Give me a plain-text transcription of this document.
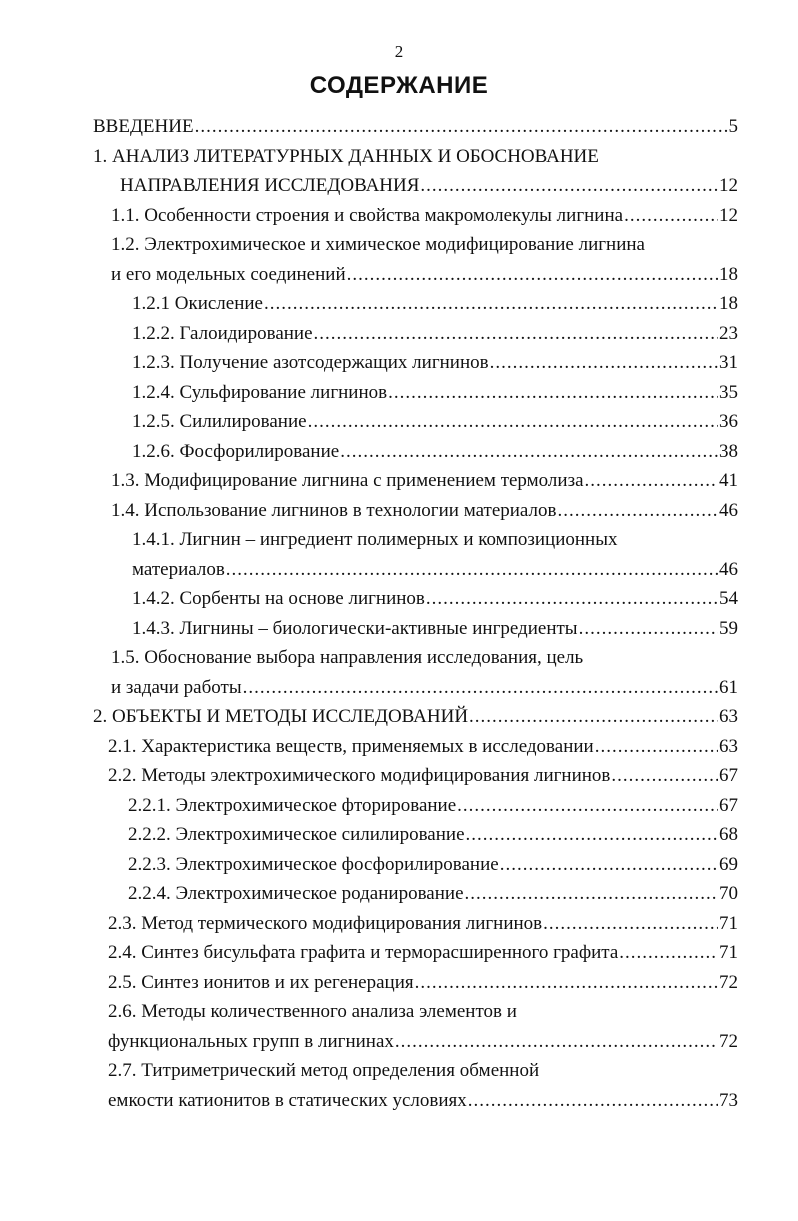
2
СОДЕРЖАНИЕ
ВВЕДЕНИЕ .....	5
1. АНАЛИЗ ЛИТЕРАТУРНЫХ ДАННЫХ И ОБОСНОВАНИЕ
НАПРАВЛЕНИЯ ИССЛЕДОВАНИЯ .....	12
1.1. Особенности строения и свойства макромолекулы лигнина .....	12
1.2. Электрохимическое и химическое модифицирование лигнина
и его модельных соединений .....	18
1.2.1 Окисление .....	18
1.2.2. Галоидирование .....	23
1.2.3. Получение азотсодержащих лигнинов .....	31
1.2.4. Сульфирование лигнинов .....	35
1.2.5. Силилирование .....	36
1.2.6. Фосфорилирование .....	38
1.3. Модифицирование лигнина с применением термолиза .....	41
1.4. Использование лигнинов в технологии материалов .....	46
1.4.1. Лигнин – ингредиент полимерных и композиционных
материалов .....	46
1.4.2. Сорбенты на основе лигнинов .....	54
1.4.3. Лигнины – биологически-активные ингредиенты .....	59
1.5. Обоснование выбора направления исследования, цель
и задачи работы .....	61
2. ОБЪЕКТЫ И МЕТОДЫ ИССЛЕДОВАНИЙ .....	63
2.1. Характеристика веществ, применяемых в исследовании .....	63
2.2. Методы электрохимического модифицирования лигнинов .....	67
2.2.1. Электрохимическое фторирование .....	67
2.2.2. Электрохимическое силилирование .....	68
2.2.3. Электрохимическое фосфорилирование .....	69
2.2.4. Электрохимическое роданирование .....	70
2.3. Метод термического модифицирования лигнинов .....	71
2.4. Синтез бисульфата графита и терморасширенного графита .....	71
2.5. Синтез ионитов и их регенерация .....	72
2.6. Методы количественного анализа элементов и
функциональных групп в лигнинах .....	72
2.7. Титриметрический метод определения обменной
емкости катионитов в статических условиях .....	73
